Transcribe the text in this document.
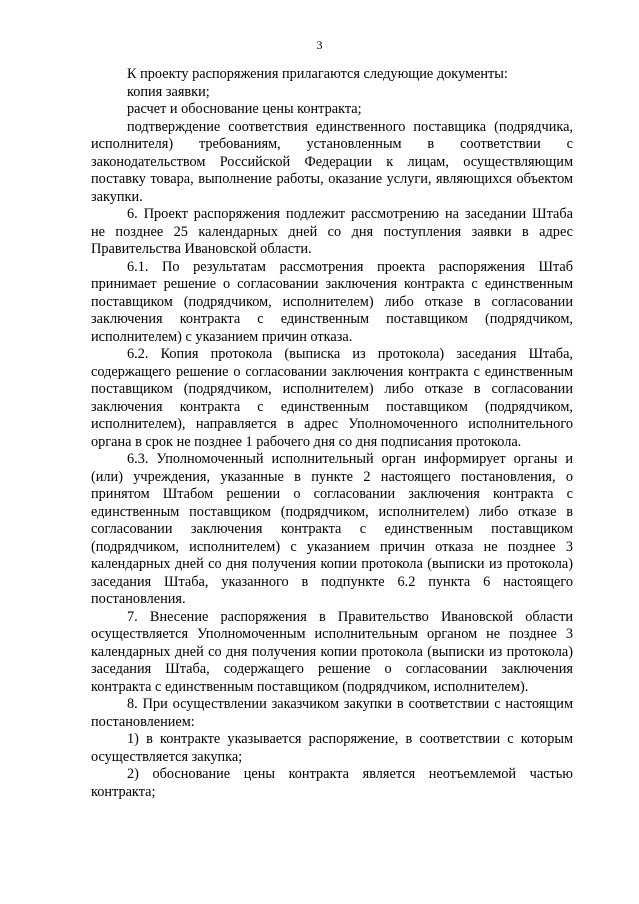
3

К проекту распоряжения прилагаются следующие документы:

копия заявки;

расчет и обоснование цены контракта;

подтверждение соответствия единственного поставщика (подрядчика, исполнителя) требованиям, установленным в соответствии с законодательством Российской Федерации к лицам, осуществляющим поставку товара, выполнение работы, оказание услуги, являющихся объектом закупки.

6. Проект распоряжения подлежит рассмотрению на заседании Штаба не позднее 25 календарных дней со дня поступления заявки в адрес Правительства Ивановской области.

6.1. По результатам рассмотрения проекта распоряжения Штаб принимает решение о согласовании заключения контракта с единственным поставщиком (подрядчиком, исполнителем) либо отказе в согласовании заключения контракта с единственным поставщиком (подрядчиком, исполнителем) с указанием причин отказа.

6.2. Копия протокола (выписка из протокола) заседания Штаба, содержащего решение о согласовании заключения контракта с единственным поставщиком (подрядчиком, исполнителем) либо отказе в согласовании заключения контракта с единственным поставщиком (подрядчиком, исполнителем), направляется в адрес Уполномоченного исполнительного органа в срок не позднее 1 рабочего дня со дня подписания протокола.

6.3. Уполномоченный исполнительный орган информирует органы и (или) учреждения, указанные в пункте 2 настоящего постановления, о принятом Штабом решении о согласовании заключения контракта с единственным поставщиком (подрядчиком, исполнителем) либо отказе в согласовании заключения контракта с единственным поставщиком (подрядчиком, исполнителем) с указанием причин отказа не позднее 3 календарных дней со дня получения копии протокола (выписки из протокола) заседания Штаба, указанного в подпункте 6.2 пункта 6 настоящего постановления.

7. Внесение распоряжения в Правительство Ивановской области осуществляется Уполномоченным исполнительным органом не позднее 3 календарных дней со дня получения копии протокола (выписки из протокола) заседания Штаба, содержащего решение о согласовании заключения контракта с единственным поставщиком (подрядчиком, исполнителем).

8. При осуществлении заказчиком закупки в соответствии с настоящим постановлением:

1) в контракте указывается распоряжение, в соответствии с которым осуществляется закупка;

2) обоснование цены контракта является неотъемлемой частью контракта;
